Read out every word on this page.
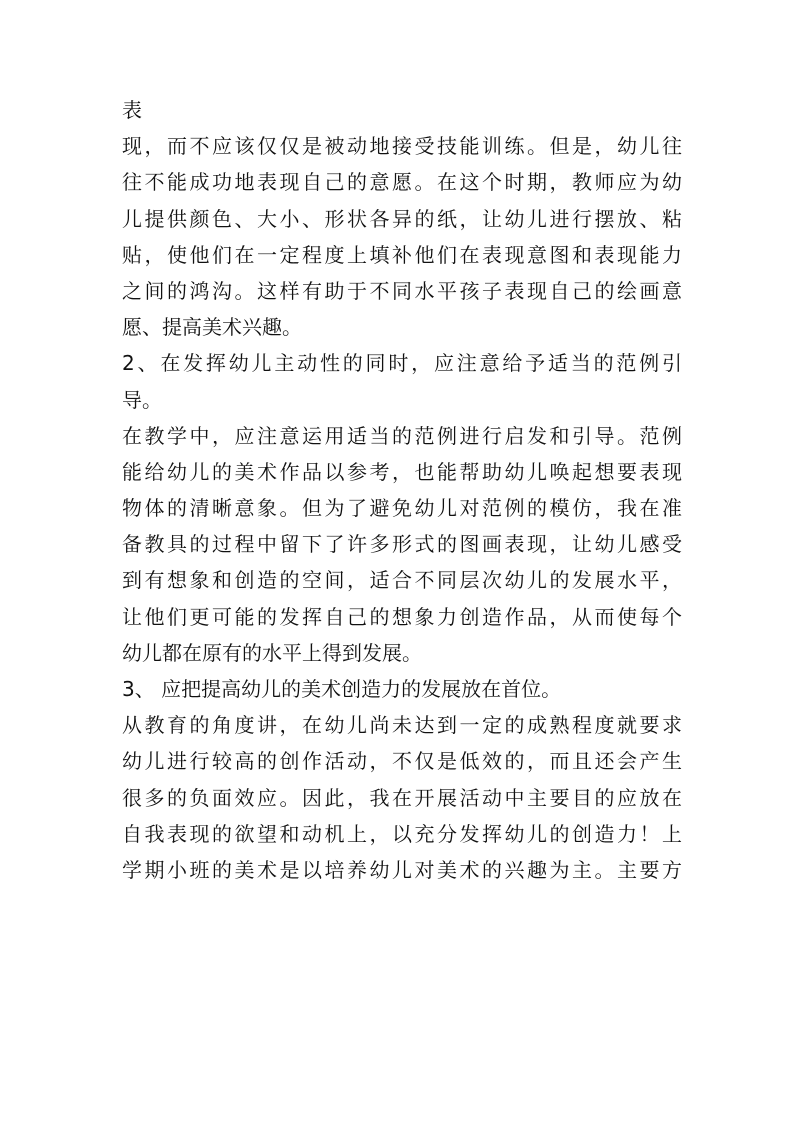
表
现，而不应该仅仅是被动地接受技能训练。但是，幼儿往
往不能成功地表现自己的意愿。在这个时期，教师应为幼
儿提供颜色、大小、形状各异的纸，让幼儿进行摆放、粘
贴，使他们在一定程度上填补他们在表现意图和表现能力
之间的鸿沟。这样有助于不同水平孩子表现自己的绘画意
愿、提高美术兴趣。
2、在发挥幼儿主动性的同时，应注意给予适当的范例引
导。
在教学中，应注意运用适当的范例进行启发和引导。范例
能给幼儿的美术作品以参考，也能帮助幼儿唤起想要表现
物体的清晰意象。但为了避免幼儿对范例的模仿，我在准
备教具的过程中留下了许多形式的图画表现，让幼儿感受
到有想象和创造的空间，适合不同层次幼儿的发展水平，
让他们更可能的发挥自己的想象力创造作品，从而使每个
幼儿都在原有的水平上得到发展。
3、 应把提高幼儿的美术创造力的发展放在首位。
从教育的角度讲，在幼儿尚未达到一定的成熟程度就要求
幼儿进行较高的创作活动，不仅是低效的，而且还会产生
很多的负面效应。因此，我在开展活动中主要目的应放在
自我表现的欲望和动机上，以充分发挥幼儿的创造力！上
学期小班的美术是以培养幼儿对美术的兴趣为主。主要方
